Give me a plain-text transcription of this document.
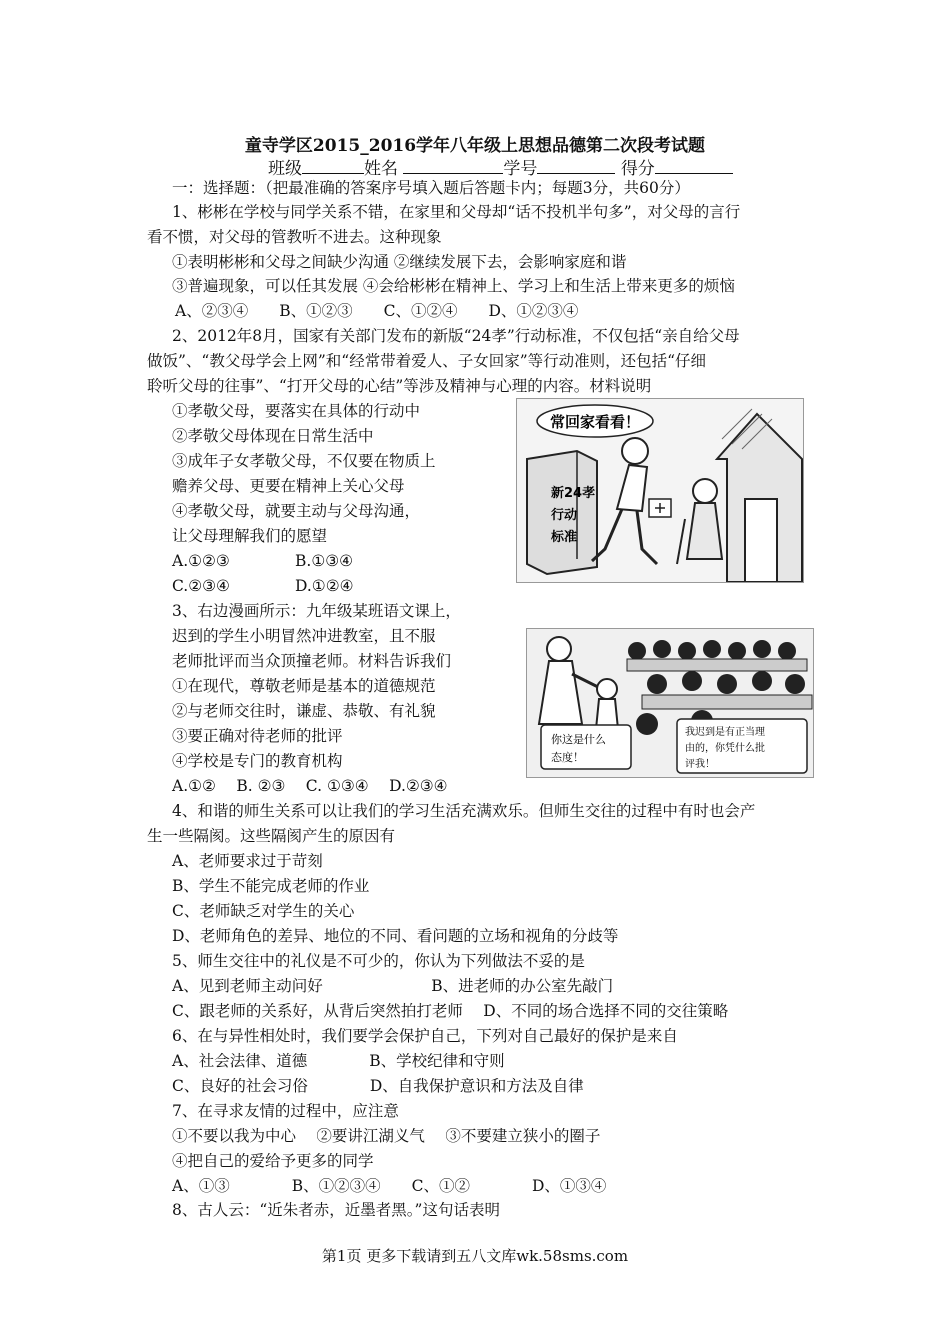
童寺学区2015_2016学年八年级上思想品德第二次段考试题
班级	姓名	学号	得分
一：选择题：（把最准确的答案序号填入题后答题卡内；每题3分，共60分）
1、彬彬在学校与同学关系不错，在家里和父母却“话不投机半句多”，对父母的言行
看不惯，对父母的管教听不进去。这种现象
①表明彬彬和父母之间缺少沟通 ②继续发展下去，会影响家庭和谐
③普遍现象，可以任其发展 ④会给彬彬在精神上、学习上和生活上带来更多的烦恼
A、②③④　　B、①②③　　C、①②④　　D、①②③④
2、2012年8月，国家有关部门发布的新版“24孝”行动标准，不仅包括“亲自给父母
做饭”、“教父母学会上网”和“经常带着爱人、子女回家”等行动准则，还包括“仔细
聆听父母的往事”、“打开父母的心结”等涉及精神与心理的内容。材料说明
①孝敬父母，要落实在具体的行动中
②孝敬父母体现在日常生活中
③成年子女孝敬父母，不仅要在物质上
赡养父母、更要在精神上关心父母
④孝敬父母，就要主动与父母沟通，
让父母理解我们的愿望
A.①②③	B.①③④
C.②③④	D.①②④
常回家看看！
新24孝
行动
标准
3、右边漫画所示：九年级某班语文课上，
迟到的学生小明冒然冲进教室，且不服
老师批评而当众顶撞老师。材料告诉我们
①在现代，尊敬老师是基本的道德规范
②与老师交往时，谦虚、恭敬、有礼貌
③要正确对待老师的批评
④学校是专门的教育机构
A.①②　 B. ②③　 C. ①③④　 D.②③④
你这是什么
态度！
我迟到是有正当理
由的，你凭什么批
评我！
4、和谐的师生关系可以让我们的学习生活充满欢乐。但师生交往的过程中有时也会产
生一些隔阂。这些隔阂产生的原因有
A、老师要求过于苛刻
B、学生不能完成老师的作业
C、老师缺乏对学生的关心
D、老师角色的差异、地位的不同、看问题的立场和视角的分歧等
5、师生交往中的礼仪是不可少的，你认为下列做法不妥的是
A、见到老师主动问好　　　　　　　B、进老师的办公室先敲门
C、跟老师的关系好，从背后突然拍打老师　 D、不同的场合选择不同的交往策略
6、在与异性相处时，我们要学会保护自己，下列对自己最好的保护是来自
A、社会法律、道德　　　　B、学校纪律和守则
C、良好的社会习俗　　　　D、自我保护意识和方法及自律
7、在寻求友情的过程中，应注意
①不要以我为中心　 ②要讲江湖义气　 ③不要建立狭小的圈子
④把自己的爱给予更多的同学
A、①③　　　　B、①②③④　　C、①②　　　　D、①③④
8、古人云：“近朱者赤，近墨者黑。”这句话表明
第1页 更多下载请到五八文库wk.58sms.com
